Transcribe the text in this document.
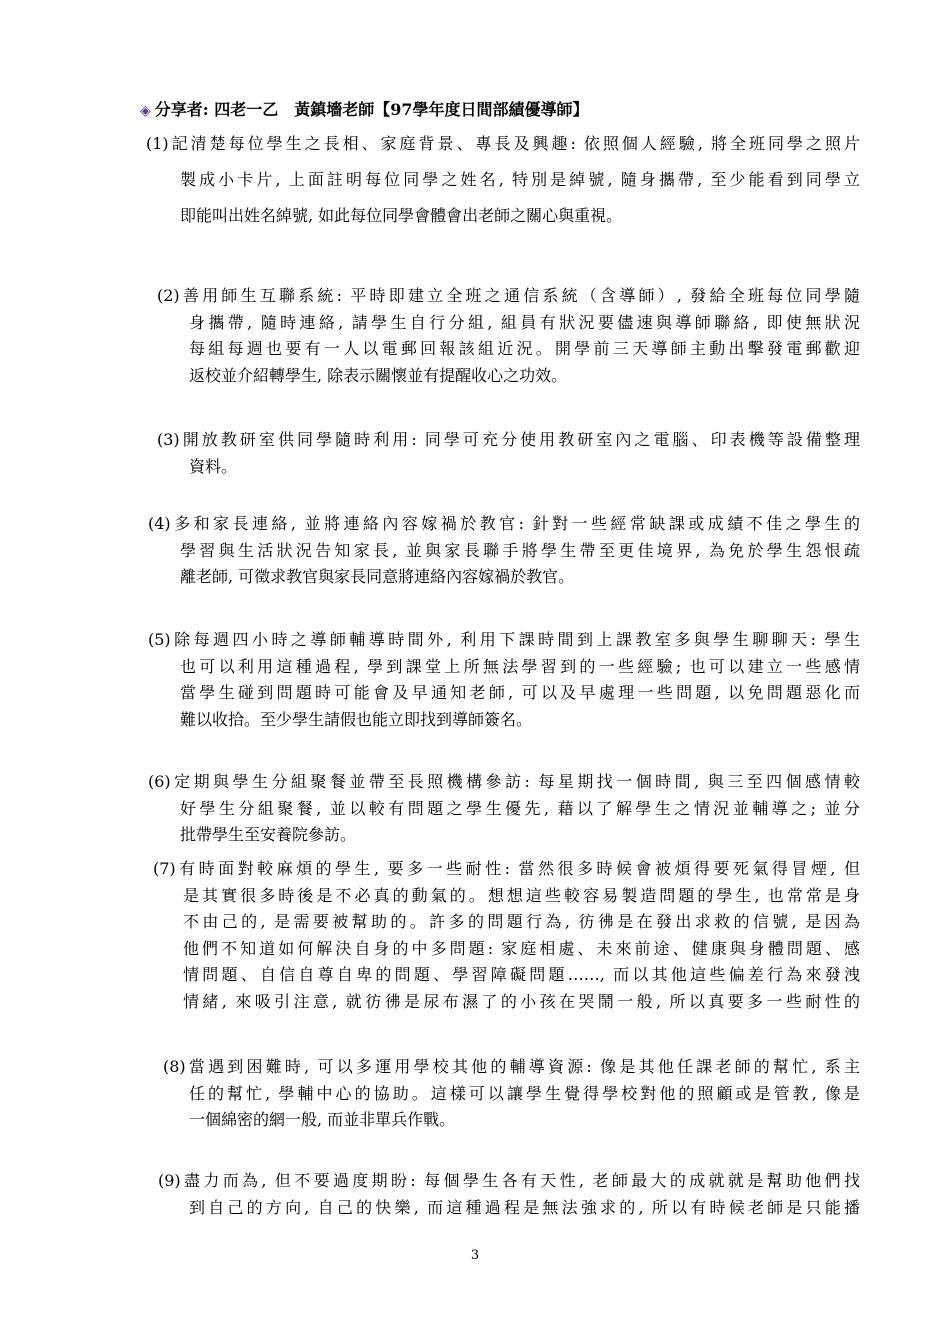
◈ 分享者: 四老一乙　黃鎮墻老師【97學年度日間部績優導師】
(1)記清楚每位學生之長相、家庭背景、專長及興趣: 依照個人經驗, 將全班同學之照片
製成小卡片, 上面註明每位同學之姓名, 特別是綽號, 隨身攜帶, 至少能看到同學立
即能叫出姓名綽號, 如此每位同學會體會出老師之關心與重視。
(2)善用師生互聯系統: 平時即建立全班之通信系統（含導師）, 發給全班每位同學隨
身攜帶, 隨時連絡, 請學生自行分組, 組員有狀況要儘速與導師聯絡, 即使無狀況
每組每週也要有一人以電郵回報該組近況。開學前三天導師主動出擊發電郵歡迎
返校並介紹轉學生, 除表示關懷並有提醒收心之功效。
(3)開放教研室供同學隨時利用: 同學可充分使用教研室內之電腦、印表機等設備整理
資料。
(4)多和家長連絡, 並將連絡內容嫁禍於教官: 針對一些經常缺課或成績不佳之學生的
學習與生活狀況告知家長, 並與家長聯手將學生帶至更佳境界, 為免於學生怨恨疏
離老師, 可徵求教官與家長同意將連絡內容嫁禍於教官。
(5)除每週四小時之導師輔導時間外, 利用下課時間到上課教室多與學生聊聊天: 學生
也可以利用這種過程, 學到課堂上所無法學習到的一些經驗; 也可以建立一些感情
當學生碰到問題時可能會及早通知老師, 可以及早處理一些問題, 以免問題惡化而
難以收拾。至少學生請假也能立即找到導師簽名。
(6)定期與學生分組聚餐並帶至長照機構參訪: 每星期找一個時間, 與三至四個感情較
好學生分組聚餐, 並以較有問題之學生優先, 藉以了解學生之情況並輔導之; 並分
批帶學生至安養院參訪。
(7)有時面對較麻煩的學生, 要多一些耐性: 當然很多時候會被煩得要死氣得冒煙, 但
是其實很多時後是不必真的動氣的。想想這些較容易製造問題的學生, 也常常是身
不由己的, 是需要被幫助的。許多的問題行為, 彷彿是在發出求救的信號, 是因為
他們不知道如何解決自身的中多問題: 家庭相處、未來前途、健康與身體問題、感
情問題、自信自尊自卑的問題、學習障礙問題……, 而以其他這些偏差行為來發洩
情緒, 來吸引注意, 就彷彿是尿布濕了的小孩在哭鬧一般, 所以真要多一些耐性的
(8)當遇到困難時, 可以多運用學校其他的輔導資源: 像是其他任課老師的幫忙, 系主
任的幫忙, 學輔中心的協助。這樣可以讓學生覺得學校對他的照顧或是管教, 像是
一個綿密的網一般, 而並非單兵作戰。
(9)盡力而為, 但不要過度期盼: 每個學生各有天性, 老師最大的成就就是幫助他們找
到自己的方向, 自己的快樂, 而這種過程是無法強求的, 所以有時候老師是只能播
3
